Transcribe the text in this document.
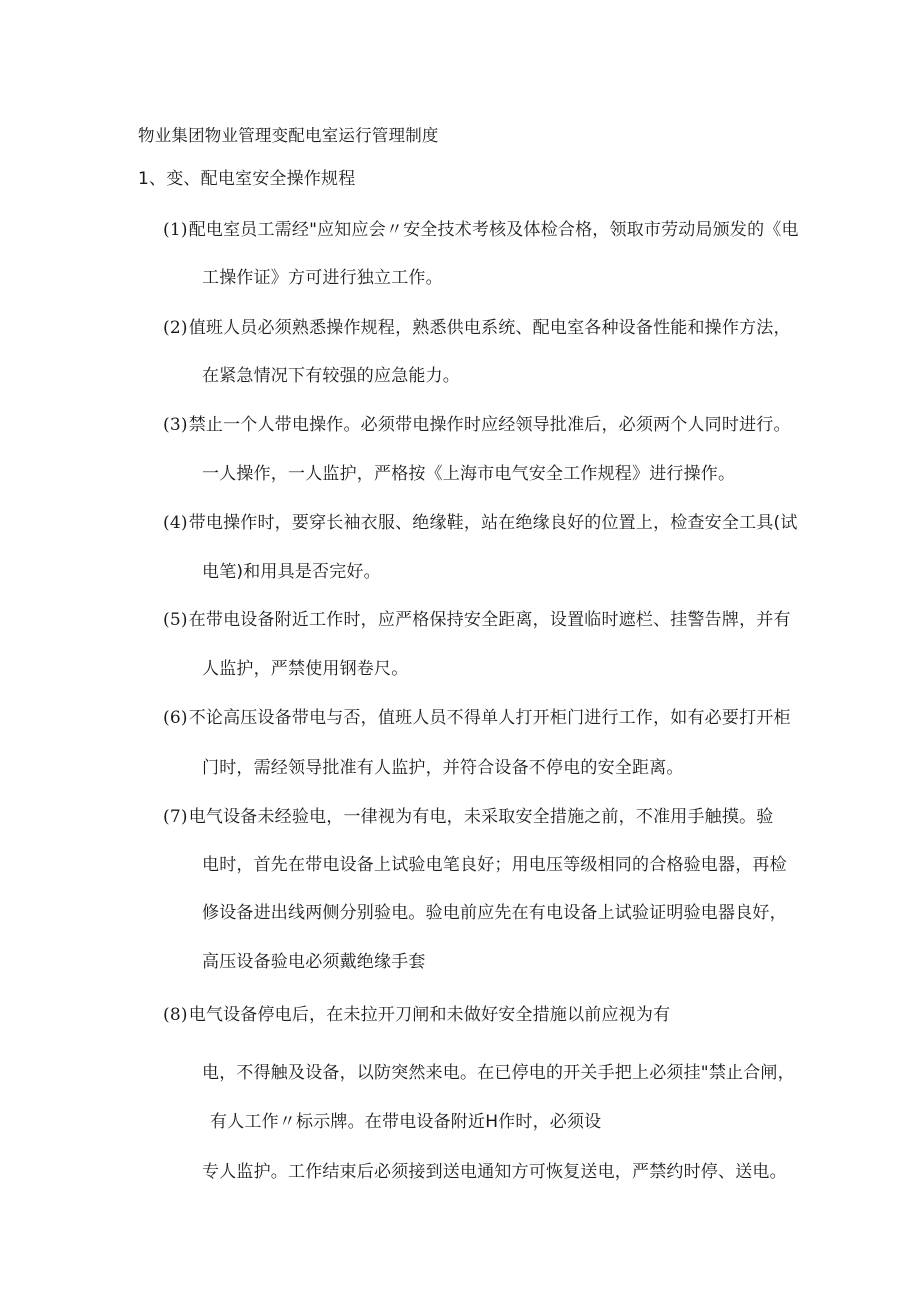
物业集团物业管理变配电室运行管理制度
1、变、配电室安全操作规程
(1)配电室员工需经"应知应会〃安全技术考核及体检合格，领取市劳动局颁发的《电
工操作证》方可进行独立工作。
(2)值班人员必须熟悉操作规程，熟悉供电系统、配电室各种设备性能和操作方法，
在紧急情况下有较强的应急能力。
(3)禁止一个人带电操作。必须带电操作时应经领导批准后，必须两个人同时进行。
一人操作，一人监护，严格按《上海市电气安全工作规程》进行操作。
(4)带电操作时，要穿长袖衣服、绝缘鞋，站在绝缘良好的位置上，检查安全工具(试
电笔)和用具是否完好。
(5)在带电设备附近工作时，应严格保持安全距离，设置临时遮栏、挂警告牌，并有
人监护，严禁使用钢卷尺。
(6)不论高压设备带电与否，值班人员不得单人打开柜门进行工作，如有必要打开柜
门时，需经领导批准有人监护，并符合设备不停电的安全距离。
(7)电气设备未经验电，一律视为有电，未采取安全措施之前，不准用手触摸。验
电时，首先在带电设备上试验电笔良好；用电压等级相同的合格验电器，再检
修设备进出线两侧分别验电。验电前应先在有电设备上试验证明验电器良好，
高压设备验电必须戴绝缘手套
(8)电气设备停电后，在未拉开刀闸和未做好安全措施以前应视为有
电，不得触及设备，以防突然来电。在已停电的开关手把上必须挂"禁止合闸，
有人工作〃标示牌。在带电设备附近H作时，必须设
专人监护。工作结束后必须接到送电通知方可恢复送电，严禁约时停、送电。
